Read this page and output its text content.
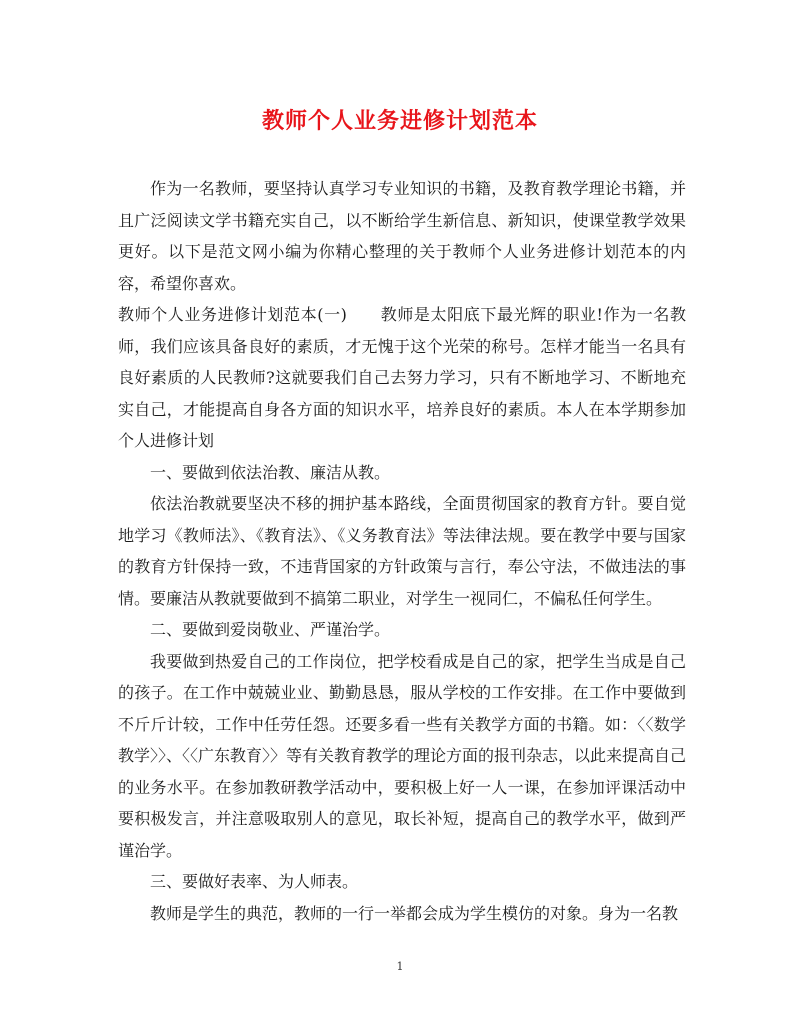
教师个人业务进修计划范本

作为一名教师，要坚持认真学习专业知识的书籍，及教育教学理论书籍，并且广泛阅读文学书籍充实自己，以不断给学生新信息、新知识，使课堂教学效果更好。以下是范文网小编为你精心整理的关于教师个人业务进修计划范本的内容，希望你喜欢。

教师个人业务进修计划范本(一)　　教师是太阳底下最光辉的职业!作为一名教师，我们应该具备良好的素质，才无愧于这个光荣的称号。怎样才能当一名具有良好素质的人民教师?这就要我们自己去努力学习，只有不断地学习、不断地充实自己，才能提高自身各方面的知识水平，培养良好的素质。本人在本学期参加个人进修计划

一、要做到依法治教、廉洁从教。

依法治教就要坚决不移的拥护基本路线，全面贯彻国家的教育方针。要自觉地学习《教师法》、《教育法》、《义务教育法》等法律法规。要在教学中要与国家的教育方针保持一致，不违背国家的方针政策与言行，奉公守法，不做违法的事情。要廉洁从教就要做到不搞第二职业，对学生一视同仁，不偏私任何学生。

二、要做到爱岗敬业、严谨治学。

我要做到热爱自己的工作岗位，把学校看成是自己的家，把学生当成是自己的孩子。在工作中兢兢业业、勤勤恳恳，服从学校的工作安排。在工作中要做到不斤斤计较，工作中任劳任怨。还要多看一些有关教学方面的书籍。如：〈〈数学教学〉〉、〈〈广东教育〉〉等有关教育教学的理论方面的报刊杂志，以此来提高自己的业务水平。在参加教研教学活动中，要积极上好一人一课，在参加评课活动中要积极发言，并注意吸取别人的意见，取长补短，提高自己的教学水平，做到严谨治学。

三、要做好表率、为人师表。

教师是学生的典范，教师的一行一举都会成为学生模仿的对象。身为一名教

1
